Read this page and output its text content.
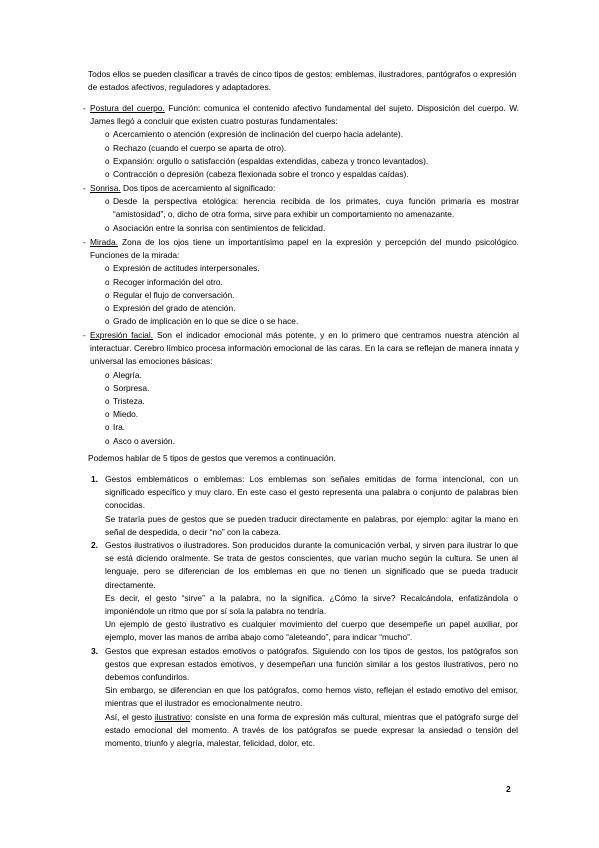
Todos ellos se pueden clasificar a través de cinco tipos de gestos: emblemas, ilustradores, pantógrafos o expresión de estados afectivos, reguladores y adaptadores.

- Postura del cuerpo. Función: comunica el contenido afectivo fundamental del sujeto. Disposición del cuerpo. W. James llegó a concluir que existen cuatro posturas fundamentales:
o Acercamiento o atención (expresión de inclinación del cuerpo hacia adelante).
o Rechazo (cuando el cuerpo se aparta de otro).
o Expansión: orgullo o satisfacción (espaldas extendidas, cabeza y tronco levantados).
o Contracción o depresión (cabeza flexionada sobre el tronco y espaldas caídas).
- Sonrisa. Dos tipos de acercamiento al significado:
o Desde la perspectiva etológica: herencia recibida de los primates, cuya función primaria es mostrar “amistosidad”, o, dicho de otra forma, sirve para exhibir un comportamiento no amenazante.
o Asociación entre la sonrisa con sentimientos de felicidad.
- Mirada. Zona de los ojos tiene un importantísimo papel en la expresión y percepción del mundo psicológico. Funciones de la mirada:
o Expresión de actitudes interpersonales.
o Recoger información del otro.
o Regular el flujo de conversación.
o Expresión del grado de atención.
o Grado de implicación en lo que se dice o se hace.
- Expresión facial. Son el indicador emocional más potente, y en lo primero que centramos nuestra atención al interactuar. Cerebro límbico procesa información emocional de las caras. En la cara se reflejan de manera innata y universal las emociones básicas:
o Alegría.
o Sorpresa.
o Tristeza.
o Miedo.
o Ira.
o Asco o aversión.

Podemos hablar de 5 tipos de gestos que veremos a continuación.

1. Gestos emblemáticos o emblemas: Los emblemas son señales emitidas de forma intencional, con un significado específico y muy claro. En este caso el gesto representa una palabra o conjunto de palabras bien conocidas.

Se trataría pues de gestos que se pueden traducir directamente en palabras, por ejemplo: agitar la mano en señal de despedida, o decir “no” con la cabeza.

2. Gestos ilustrativos o ilustradores. Son producidos durante la comunicación verbal, y sirven para ilustrar lo que se está diciendo oralmente. Se trata de gestos conscientes, que varían mucho según la cultura. Se unen al lenguaje, pero se diferencian de los emblemas en que no tienen un significado que se pueda traducir directamente.

Es decir, el gesto “sirve” a la palabra, no la significa. ¿Cómo la sirve? Recalcándola, enfatizándola o imponiéndole un ritmo que por sí sola la palabra no tendría.

Un ejemplo de gesto ilustrativo es cualquier movimiento del cuerpo que desempeñe un papel auxiliar, por ejemplo, mover las manos de arriba abajo como “aleteando”, para indicar “mucho”.

3. Gestos que expresan estados emotivos o patógrafos. Siguiendo con los tipos de gestos, los patógrafos son gestos que expresan estados emotivos, y desempeñan una función similar a los gestos ilustrativos, pero no debemos confundirlos.

Sin embargo, se diferencian en que los patógrafos, como hemos visto, reflejan el estado emotivo del emisor, mientras que el ilustrador es emocionalmente neutro.

Así, el gesto ilustrativo: consiste en una forma de expresión más cultural, mientras que el patógrafo surge del estado emocional del momento. A través de los patógrafos se puede expresar la ansiedad o tensión del momento, triunfo y alegría, malestar, felicidad, dolor, etc.

2
